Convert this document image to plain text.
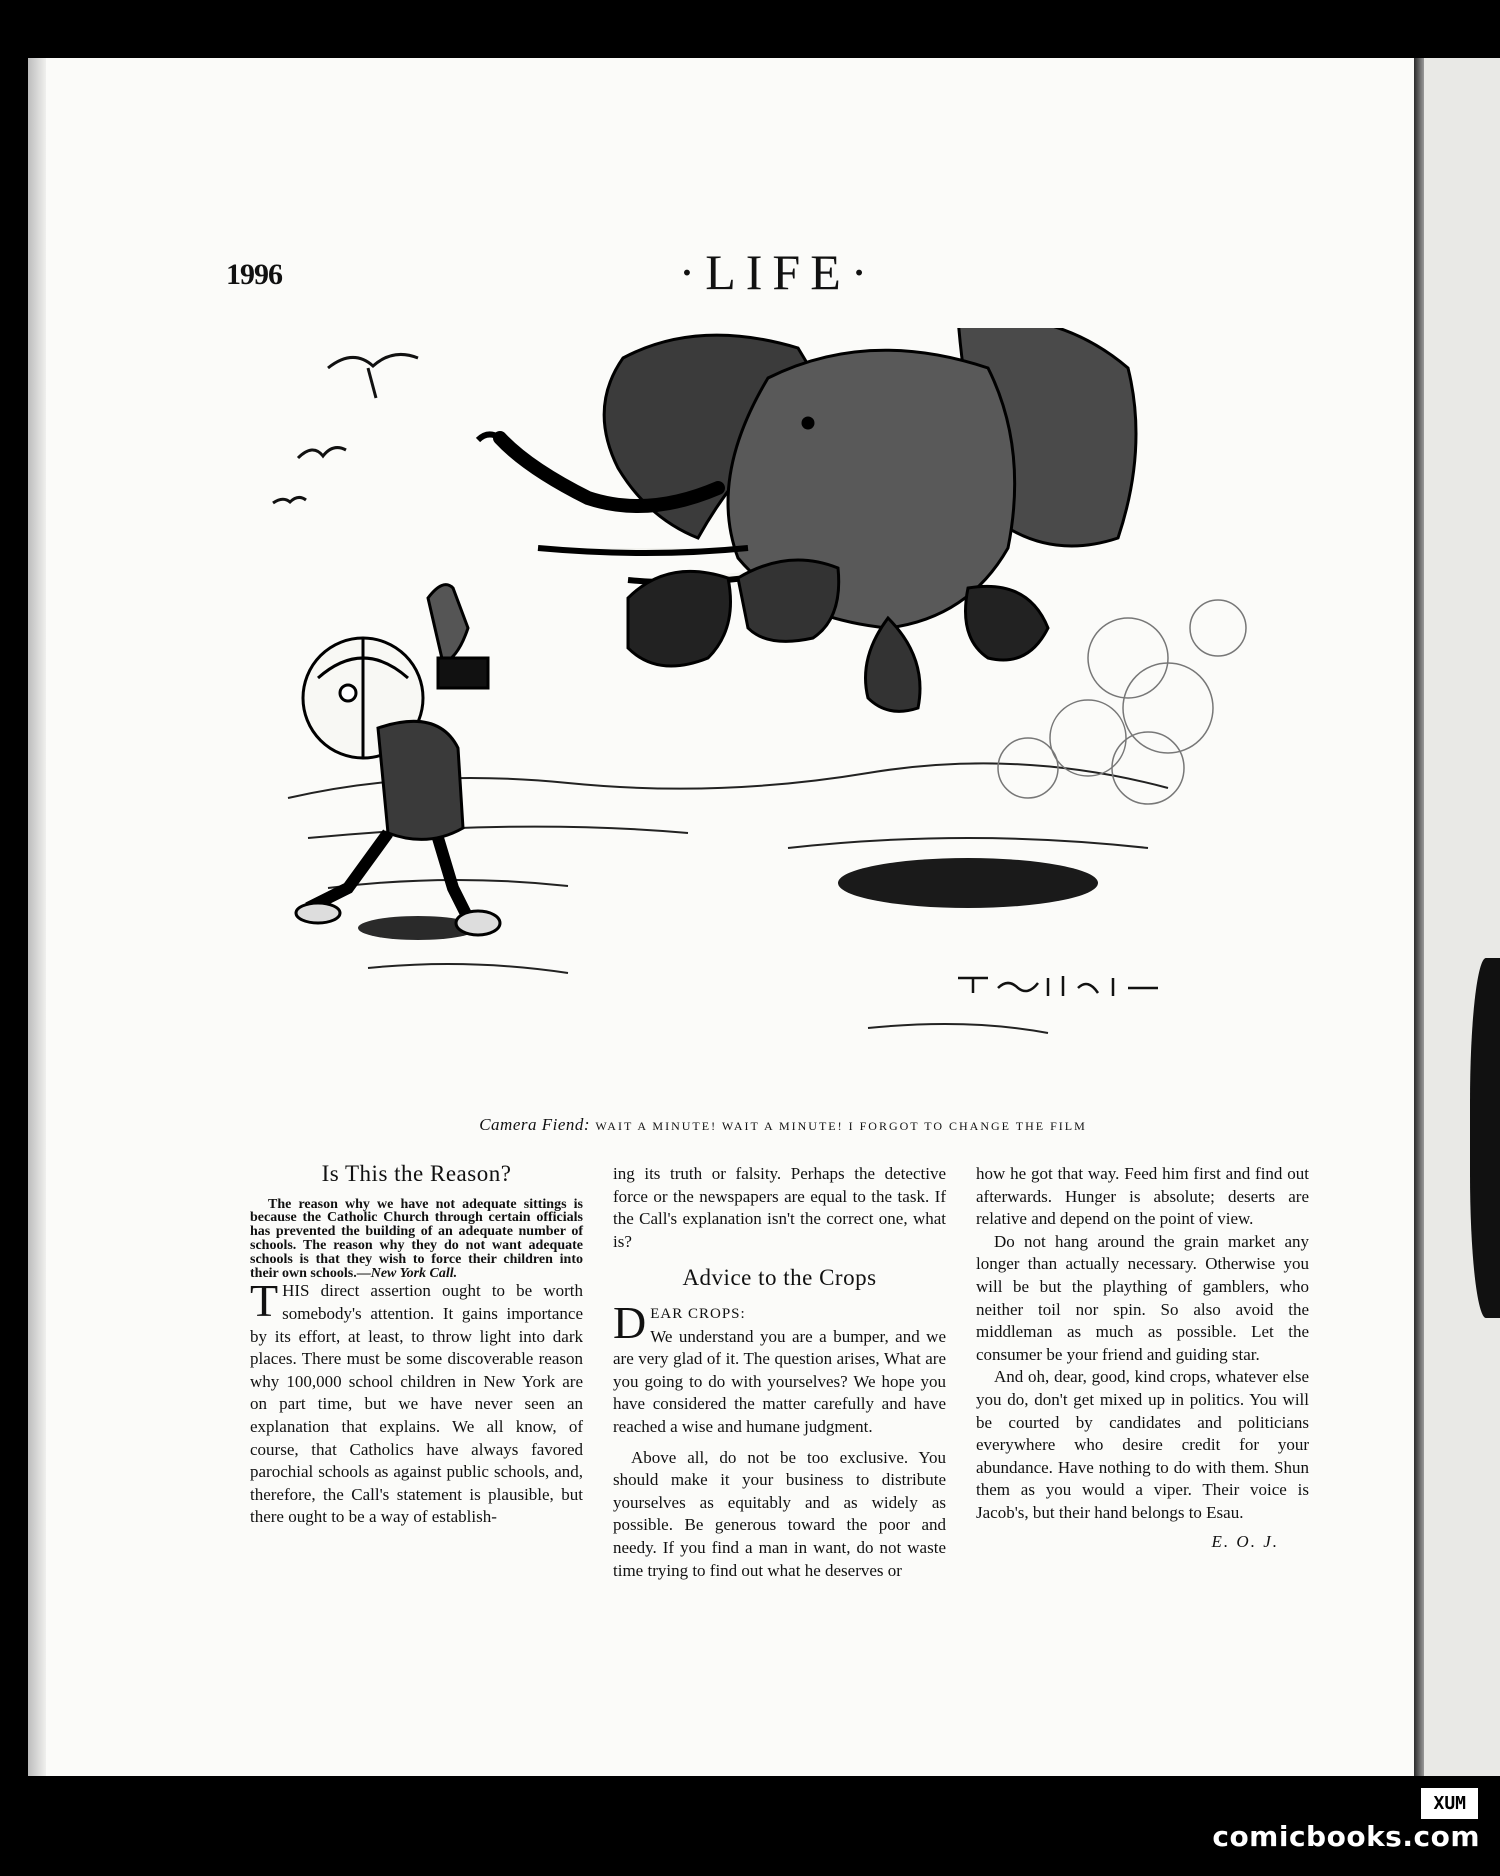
1996	·LIFE·
Camera Fiend: WAIT A MINUTE! WAIT A MINUTE! I FORGOT TO CHANGE THE FILM
Is This the Reason?

The reason why we have not adequate sittings is because the Catholic Church through certain officials has prevented the building of an adequate number of schools. The reason why they do not want adequate schools is that they wish to force their children into their own schools.—New York Call.

THIS direct assertion ought to be worth somebody's attention. It gains importance by its effort, at least, to throw light into dark places. There must be some discoverable reason why 100,000 school children in New York are on part time, but we have never seen an explanation that explains. We all know, of course, that Catholics have always favored parochial schools as against public schools, and, therefore, the Call's statement is plausible, but there ought to be a way of establish-

ing its truth or falsity. Perhaps the detective force or the newspapers are equal to the task. If the Call's explanation isn't the correct one, what is?

Advice to the Crops

DEAR CROPS:
We understand you are a bumper, and we are very glad of it. The question arises, What are you going to do with yourselves? We hope you have considered the matter carefully and have reached a wise and humane judgment.

Above all, do not be too exclusive. You should make it your business to distribute yourselves as equitably and as widely as possible. Be generous toward the poor and needy. If you find a man in want, do not waste time trying to find out what he deserves or

how he got that way. Feed him first and find out afterwards. Hunger is absolute; deserts are relative and depend on the point of view.

Do not hang around the grain market any longer than actually necessary. Otherwise you will be but the plaything of gamblers, who neither toil nor spin. So also avoid the middleman as much as possible. Let the consumer be your friend and guiding star.

And oh, dear, good, kind crops, whatever else you do, don't get mixed up in politics. You will be courted by candidates and politicians everywhere who desire credit for your abundance. Have nothing to do with them. Shun them as you would a viper. Their voice is Jacob's, but their hand belongs to Esau.

E. O. J.
XUM
comicbooks.com
